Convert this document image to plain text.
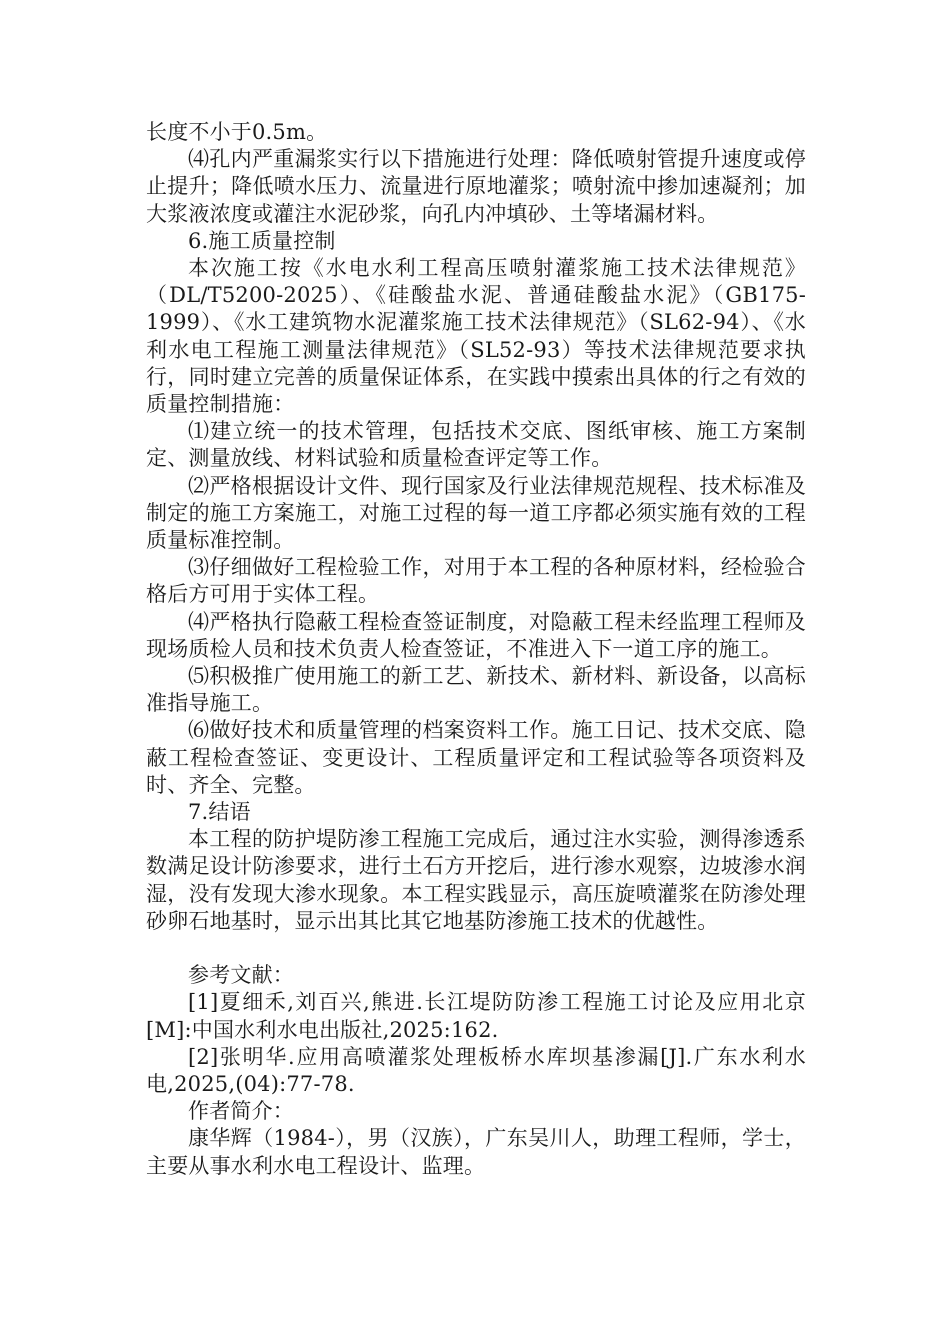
长度不小于0.5m。

⑷孔内严重漏浆实行以下措施进行处理：降低喷射管提升速度或停止提升；降低喷水压力、流量进行原地灌浆；喷射流中掺加速凝剂；加大浆液浓度或灌注水泥砂浆，向孔内冲填砂、土等堵漏材料。

6.施工质量控制

本次施工按《水电水利工程高压喷射灌浆施工技术法律规范》（DL/T5200-2025）、《硅酸盐水泥、普通硅酸盐水泥》（GB175-1999）、《水工建筑物水泥灌浆施工技术法律规范》（SL62-94）、《水利水电工程施工测量法律规范》（SL52-93）等技术法律规范要求执行，同时建立完善的质量保证体系，在实践中摸索出具体的行之有效的质量控制措施：

⑴建立统一的技术管理，包括技术交底、图纸审核、施工方案制定、测量放线、材料试验和质量检查评定等工作。

⑵严格根据设计文件、现行国家及行业法律规范规程、技术标准及制定的施工方案施工，对施工过程的每一道工序都必须实施有效的工程质量标准控制。

⑶仔细做好工程检验工作，对用于本工程的各种原材料，经检验合格后方可用于实体工程。

⑷严格执行隐蔽工程检查签证制度，对隐蔽工程未经监理工程师及现场质检人员和技术负责人检查签证，不准进入下一道工序的施工。

⑸积极推广使用施工的新工艺、新技术、新材料、新设备，以高标准指导施工。

⑹做好技术和质量管理的档案资料工作。施工日记、技术交底、隐蔽工程检查签证、变更设计、工程质量评定和工程试验等各项资料及时、齐全、完整。

7.结语

本工程的防护堤防渗工程施工完成后，通过注水实验，测得渗透系数满足设计防渗要求，进行土石方开挖后，进行渗水观察，边坡渗水润湿，没有发现大渗水现象。本工程实践显示，高压旋喷灌浆在防渗处理砂卵石地基时，显示出其比其它地基防渗施工技术的优越性。

参考文献：

[1]夏细禾,刘百兴,熊进.长江堤防防渗工程施工讨论及应用北京[M]:中国水利水电出版社,2025:162.

[2]张明华.应用高喷灌浆处理板桥水库坝基渗漏[J].广东水利水电,2025,(04):77-78.

作者简介：

康华辉（1984-），男（汉族），广东吴川人，助理工程师，学士，主要从事水利水电工程设计、监理。
